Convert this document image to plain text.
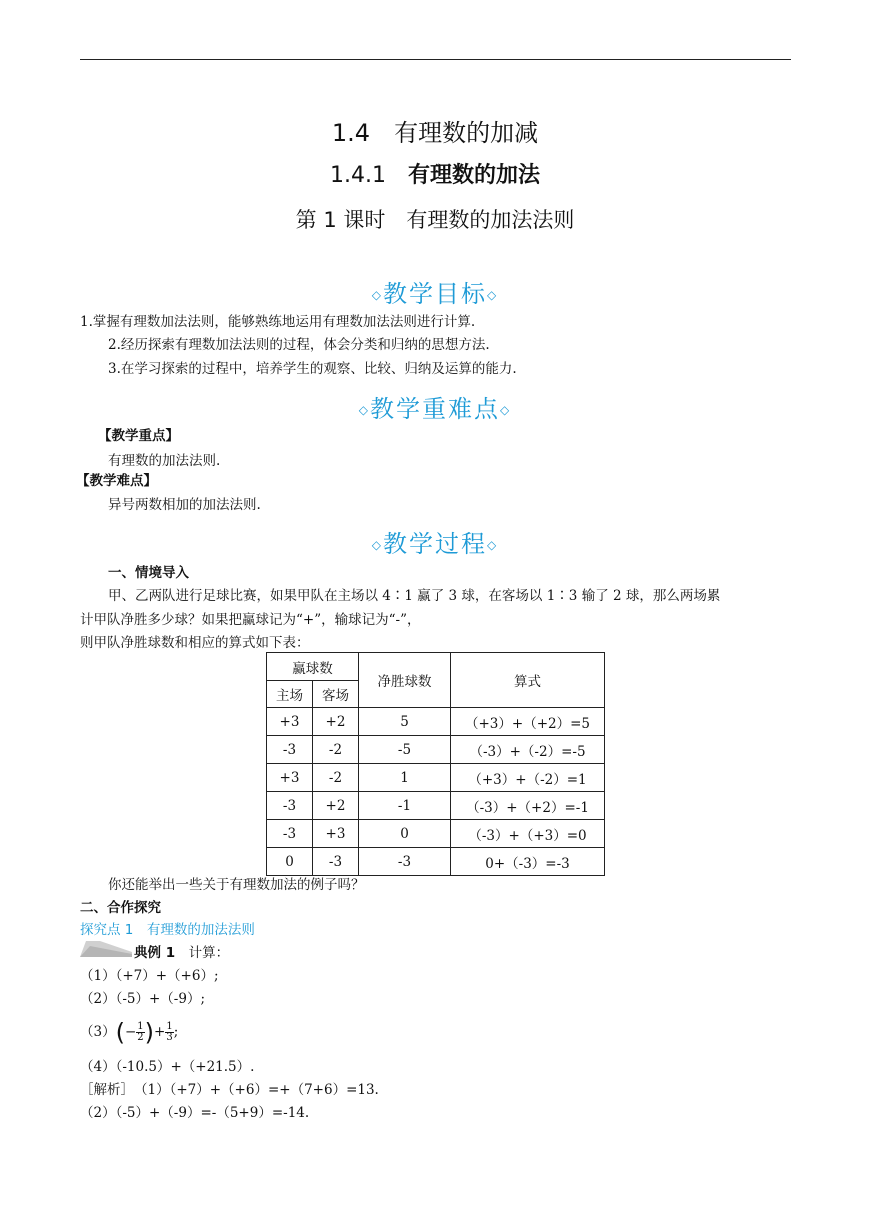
1.4　有理数的加减
1.4.1　有理数的加法
第 1 课时　有理数的加法法则
◇教学目标◇
1.掌握有理数加法法则，能够熟练地运用有理数加法法则进行计算.
2.经历探索有理数加法法则的过程，体会分类和归纳的思想方法.
3.在学习探索的过程中，培养学生的观察、比较、归纳及运算的能力.
◇教学重难点◇
【教学重点】
有理数的加法法则.
【教学难点】
异号两数相加的加法法则.
◇教学过程◇
一、情境导入
甲、乙两队进行足球比赛，如果甲队在主场以 4∶1 赢了 3 球，在客场以 1∶3 输了 2 球，那么两场累
计甲队净胜多少球？如果把赢球记为“+”，输球记为“-”，
则甲队净胜球数和相应的算式如下表：
赢球数		净胜球数	算式
主场	客场		
+3	+2	5	（+3）+（+2）=5
-3	-2	-5	（-3）+（-2）=-5
+3	-2	1	（+3）+（-2）=1
-3	+2	-1	（-3）+（+2）=-1
-3	+3	0	（-3）+（+3）=0
0	-3	-3	0+（-3）=-3
你还能举出一些关于有理数加法的例子吗？
二、合作探究
探究点 1　有理数的加法法则
典例 1　计算：
（1）（+7）+（+6）;
（2）（-5）+（-9）;
$(3)(- \frac{1}{2}$ )+ $\frac{1}{3}$ ;
（4）（-10.5）+（+21.5）.
［解析］　（1）（+7）+（+6）=+（7+6）=13.
（2）（-5）+（-9）=-（5+9）=-14.
